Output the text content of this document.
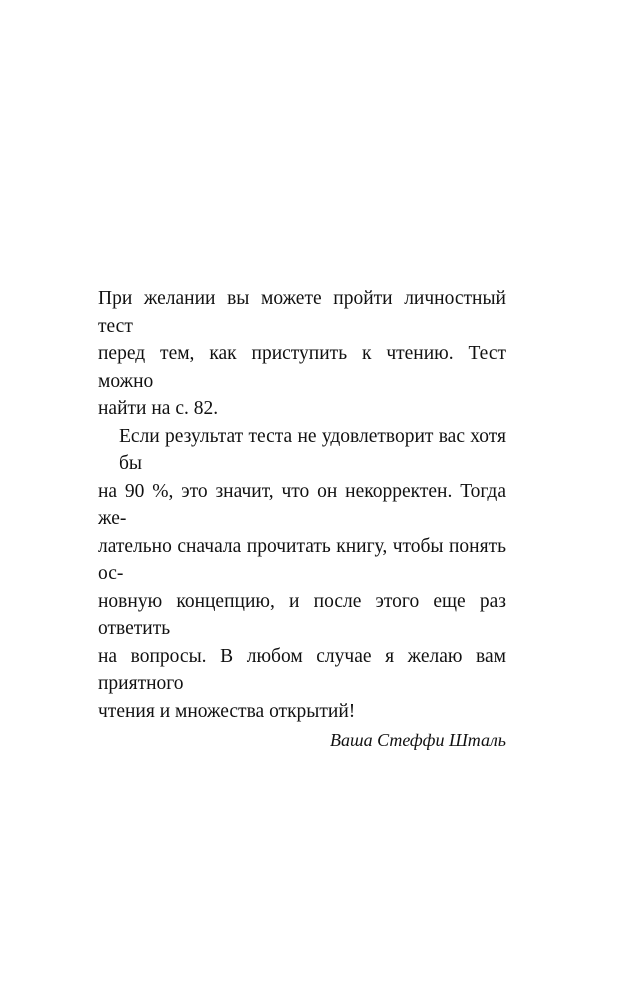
При желании вы можете пройти личностный тест
перед тем, как приступить к чтению. Тест можно
найти на с. 82.
Если результат теста не удовлетворит вас хотя бы
на 90 %, это значит, что он некорректен. Тогда же-
лательно сначала прочитать книгу, чтобы понять ос-
новную концепцию, и после этого еще раз ответить
на вопросы. В любом случае я желаю вам приятного
чтения и множества открытий!
Ваша Стеффи Шталь
